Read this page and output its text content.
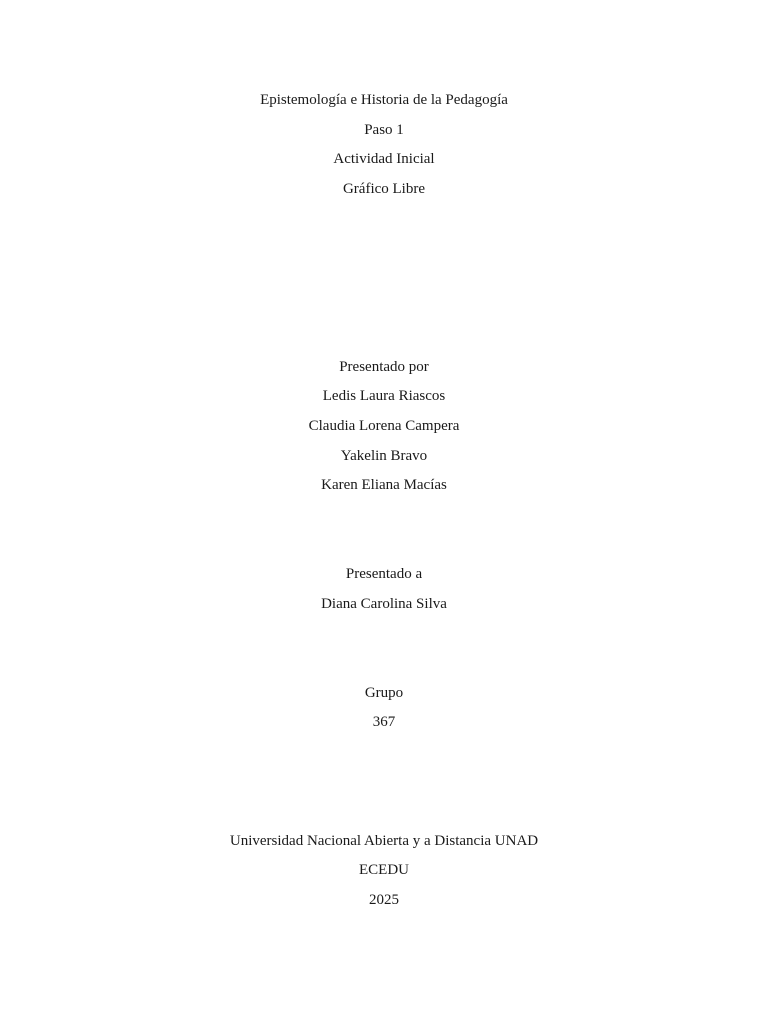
Epistemología e Historia de la Pedagogía
Paso 1
Actividad Inicial
Gráfico Libre
Presentado por
Ledis Laura Riascos
Claudia Lorena Campera
Yakelin Bravo
Karen Eliana Macías
Presentado a
Diana Carolina Silva
Grupo
367
Universidad Nacional Abierta y a Distancia UNAD
ECEDU
2025
